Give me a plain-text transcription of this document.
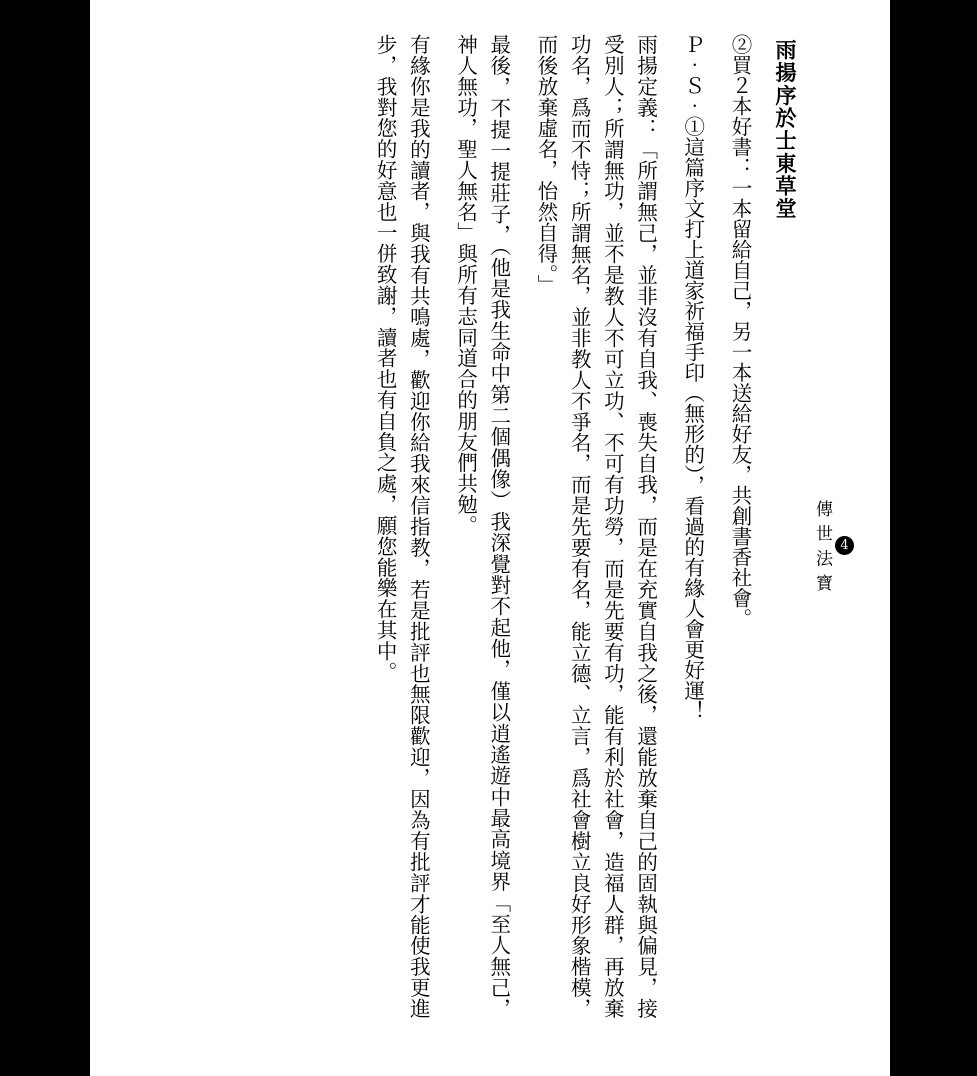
4
傳世法寶
有緣你是我的讀者，與我有共鳴處，歡迎你給我來信指教，若是批評也無限歡迎，因為有批評才能使我更進步，我對您的好意也一併致謝，讀者也有自負之處，願您能樂在其中。	最後，不提一提莊子，（他是我生命中第二個偶像）我深覺對不起他，僅以逍遙遊中最高境界「至人無己，神人無功，聖人無名」與所有志同道合的朋友們共勉。	雨揚定義：「所謂無己，並非沒有自我、喪失自我，而是在充實自我之後，還能放棄自己的固執與偏見，接受別人；所謂無功，並不是教人不可立功、不可有功勞，而是先要有功，能有利於社會，造福人群，再放棄功名，爲而不恃；所謂無名，並非教人不爭名，而是先要有名，能立德、立言，爲社會樹立良好形象楷模，而後放棄虛名，怡然自得。」	Ｐ‧Ｓ‧①這篇序文打上道家祈福手印（無形的），看過的有緣人會更好運！ ②買２本好書：一本留給自己，另一本送給好友，共創書香社會。 雨揚序於士東草堂
